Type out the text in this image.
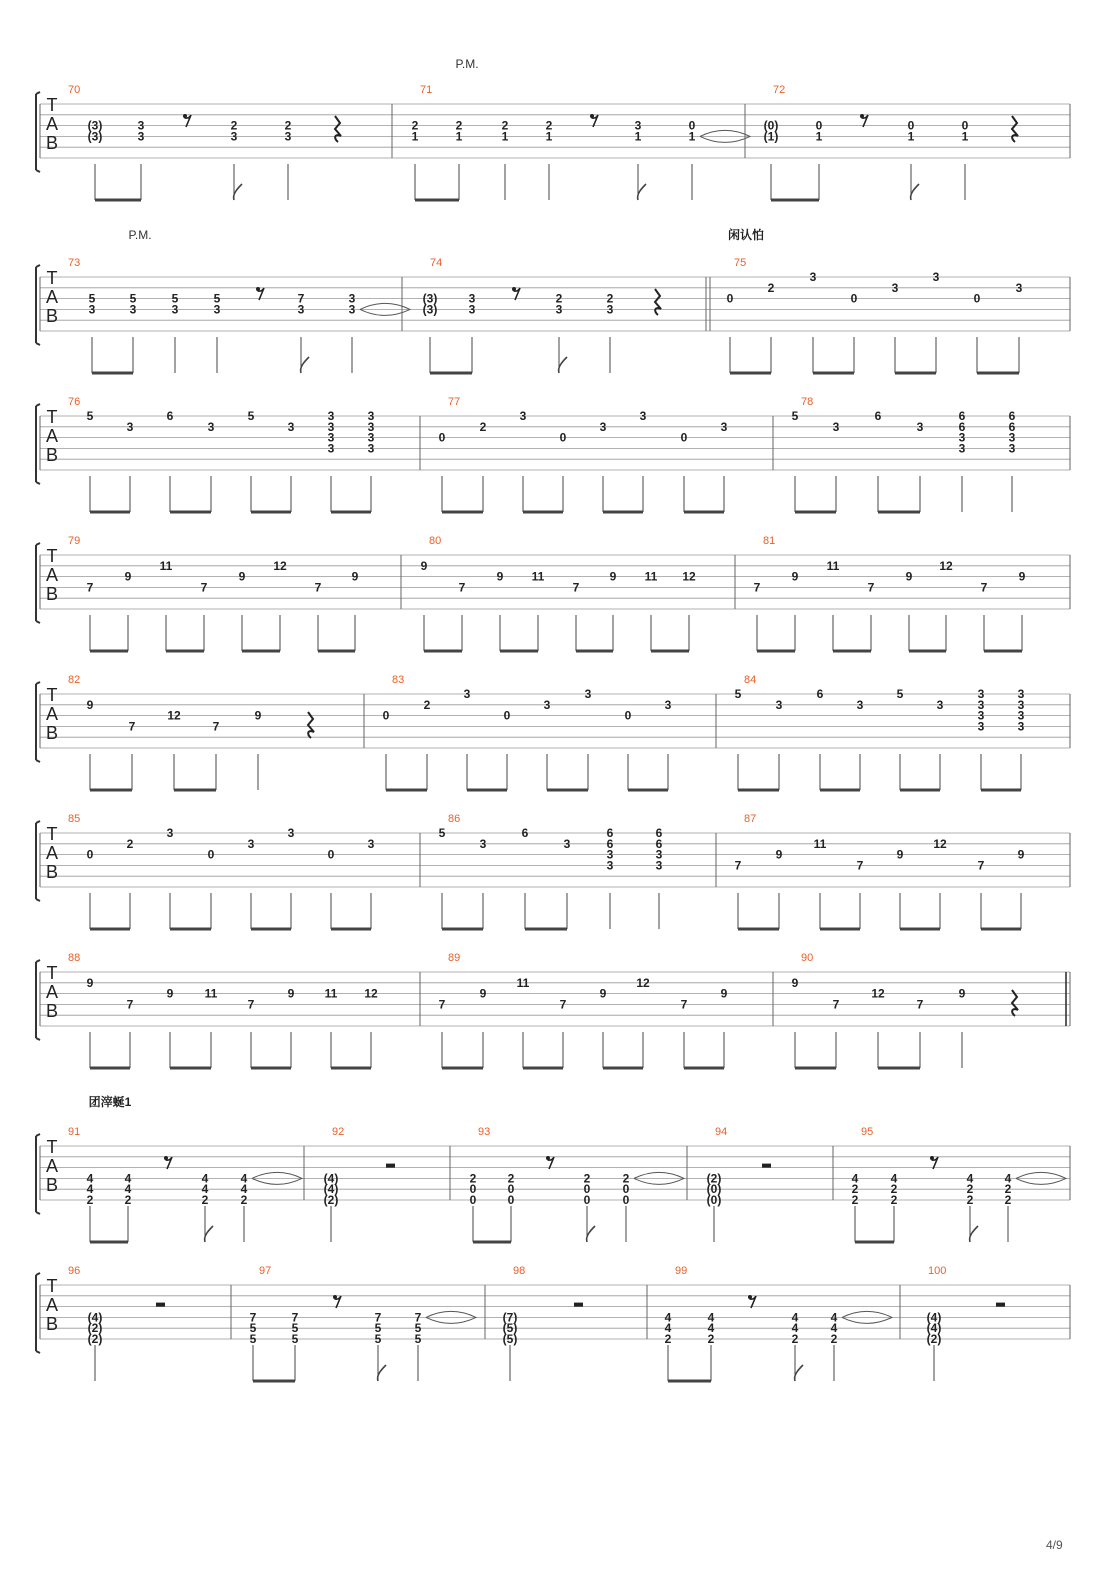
T
A
B
P.M.
70
(3)
(3)
3
3
2
3
2
3
71
2
1
2
1
2
1
2
1
3
1
0
1
72
(0)
(1)
0
1
0
1
0
1
T
A
B
P.M.	闲认怕
73
5
3
5
3
5
3
5
3
7
3
3
3
74
(3)
(3)
3
3
2
3
2
3
75
0
2
3
0
3
3
0
3
T
A
B
76
5
3
6
3
5
3
3
3
3
3
3
3
3
3
77
0
2
3
0
3
3
0
3
78
5
3
6
3
6
6
3
3
6
6
3
3
T
A
B
79
7
9
11
7
9
12
7
9
80
9
7
9 11
7
9 11 12
81
7
9
11
7
9
12
7
9
T
A
B
82
9
7
12
7
9
83
0
2
3
0
3
3
0
3
84
5
3
6
3
5
3
3
3
3
3
3
3
3
3
T
A
B
85
0
2
3
0
3
3
0
3
86
5
3
6
3
6
6
3
3
6
6
3
3
87
7
9
11
7
9
12
7
9
T
A
B
88
9
7
9	11
7
9	11 12
89
7
9
11
7
9
12
7
9
90
9
7
12
7
9
T
A
B
团滓蜒1
91
4
4
2
4
4
2
4
4
2
4
4
2
92
(4)
(4)
(2)
93
2
0
0
2
0
0
2
0
0
2
0
0
94
(2)
(0)
(0)
95
4
2
2
4
2
2
4
2
2
4
2
2
T
A
B
96
(4)
(2)
(2)
97
7
5
5
7
5
5
7
5
5
7
5
5
98
(7)
(5)
(5)
99
4
4
2
4
4
2
4
4
2
4
4
2
100
(4)
(4)
(2)
4/9
